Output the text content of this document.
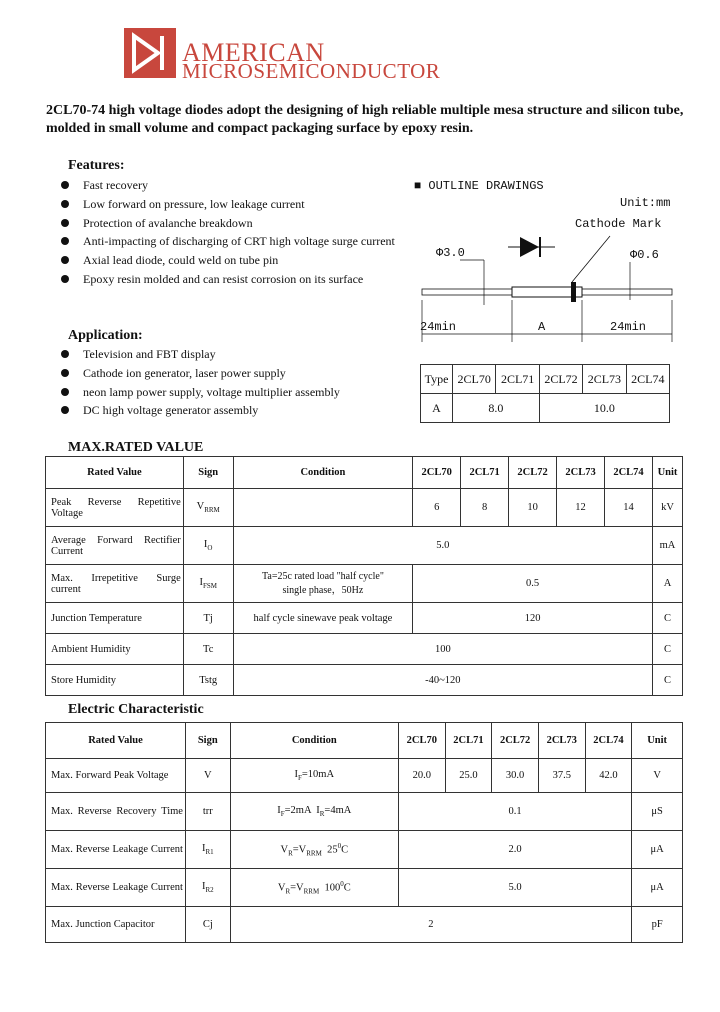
AMERICAN
MICROSEMICONDUCTOR
2CL70-74 high voltage diodes adopt the designing of high reliable multiple mesa structure and silicon tube, molded in small volume and compact packaging surface by epoxy resin.
Features:
Fast recovery
Low forward on pressure, low leakage current
Protection of avalanche breakdown
Anti-impacting of discharging of CRT high voltage surge current
Axial lead diode, could weld on tube pin
Epoxy resin molded and can resist corrosion on its surface
Application:
Television and FBT display
Cathode ion generator, laser power supply
neon lamp power supply, voltage multiplier assembly
DC high voltage generator assembly
■ OUTLINE DRAWINGS
Unit:mm
Cathode Mark
Φ3.0	Φ0.6
24min	A	24min
Type	2CL70	2CL71	2CL72	2CL73	2CL74
A	8.0		10.0		
MAX.RATED VALUE
Rated Value	Sign	Condition	2CL70	2CL71	2CL72	2CL73	2CL74	Unit

Peak Reverse Repetitive Voltage	$V_{RRM}$		6	8	10	12	14	kV

Average Forward Rectifier Current	$I_O$	5.0						mA

Max. Irrepetitive Surge current	$I_{FSM}$	Ta=25c rated load "half cycle"
single phase，50Hz	0.5					A
Junction Temperature	Tj	half cycle sinewave peak voltage	120					C
Ambient Humidity	Tc	100						C
Store Humidity	Tstg	-40~120						C
Electric Characteristic
Rated Value	Sign	Condition	2CL70	2CL71	2CL72	2CL73	2CL74	Unit
Max. Forward Peak Voltage	V	$I_F=10mA$	20.0	25.0	30.0	37.5	42.0	V

Max. Reverse Recovery Time	trr	$I_F=2mA$  $I_R=4mA$	0.1					μS

Max. Reverse Leakage Current	$I_{R1}$	$V_R=V_{RRM}$  $25^0C$	2.0					μA

Max. Reverse Leakage Current	$I_{R2}$	$V_R=V_{RRM}$  $100^0C$	5.0					μA
Max. Junction Capacitor	Cj	2						pF
